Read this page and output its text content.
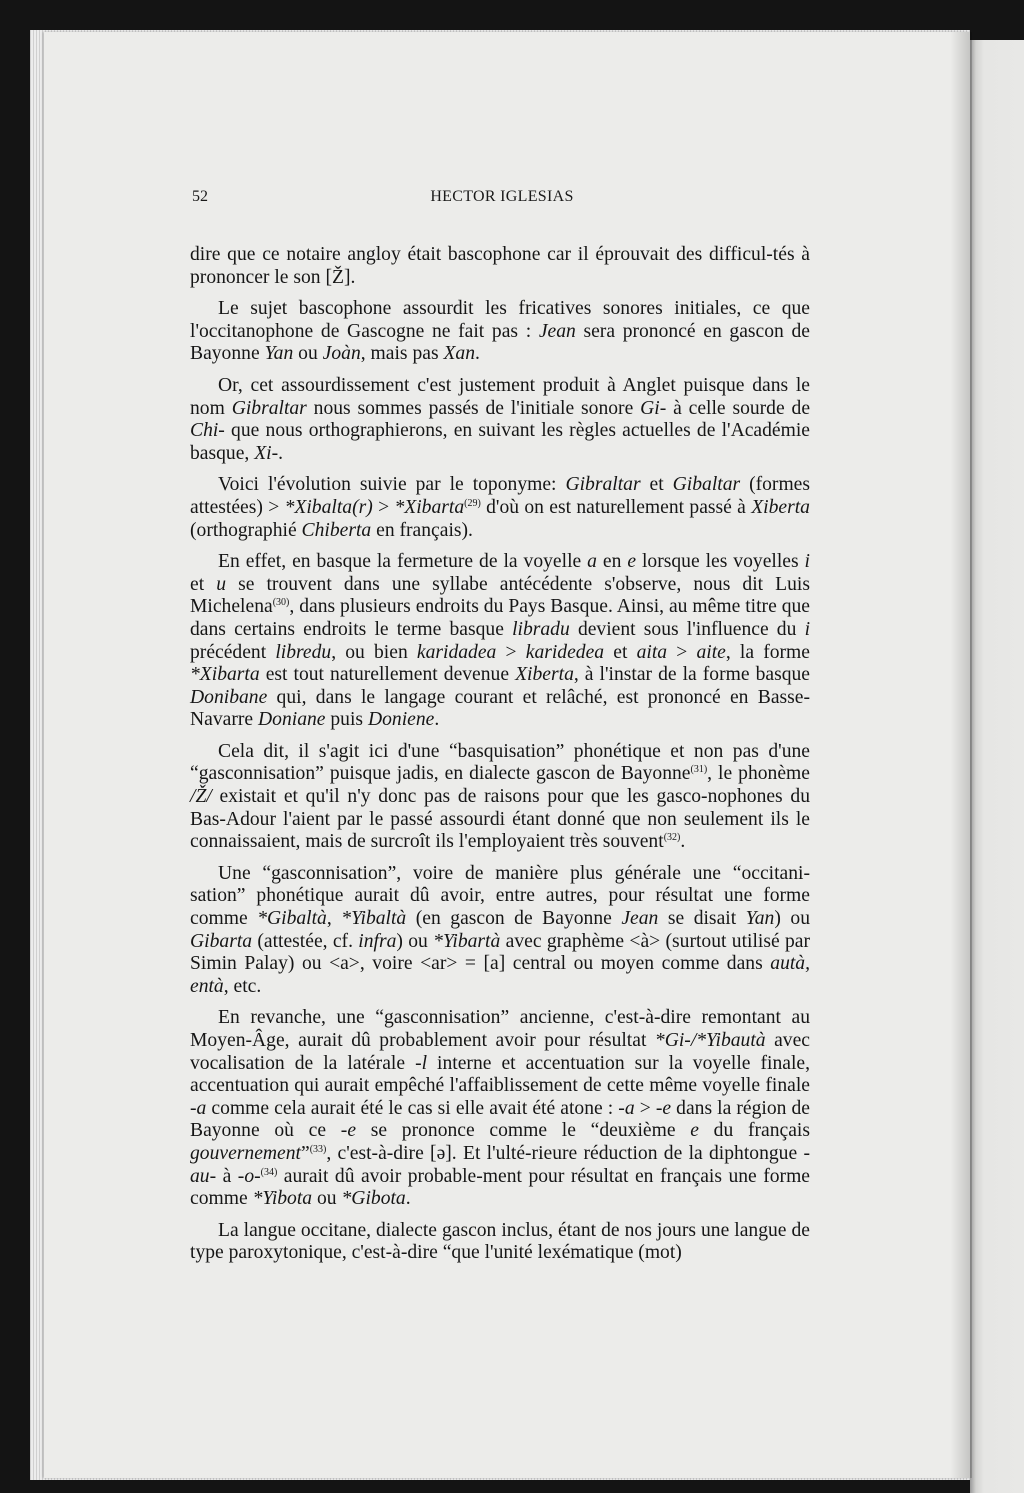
52	HECTOR IGLESIAS

dire que ce notaire angloy était bascophone car il éprouvait des difficul-tés à prononcer le son [Ž].

Le sujet bascophone assourdit les fricatives sonores initiales, ce que l'occitanophone de Gascogne ne fait pas : Jean sera prononcé en gascon de Bayonne Yan ou Joàn, mais pas Xan.

Or, cet assourdissement c'est justement produit à Anglet puisque dans le nom Gibraltar nous sommes passés de l'initiale sonore Gi- à celle sourde de Chi- que nous orthographierons, en suivant les règles actuelles de l'Académie basque, Xi-.

Voici l'évolution suivie par le toponyme: Gibraltar et Gibaltar (formes attestées) > *Xibalta(r) > *Xibarta$^{(29)}$ d'où on est naturellement passé à Xiberta (orthographié Chiberta en français).

En effet, en basque la fermeture de la voyelle a en e lorsque les voyelles i et u se trouvent dans une syllabe antécédente s'observe, nous dit Luis Michelena$^{(30)}$, dans plusieurs endroits du Pays Basque. Ainsi, au même titre que dans certains endroits le terme basque libradu devient sous l'influence du i précédent libredu, ou bien karidadea > karidedea et aita > aite, la forme *Xibarta est tout naturellement devenue Xiberta, à l'instar de la forme basque Donibane qui, dans le langage courant et relâché, est prononcé en Basse-Navarre Doniane puis Doniene.

Cela dit, il s'agit ici d'une “basquisation” phonétique et non pas d'une “gasconnisation” puisque jadis, en dialecte gascon de Bayonne$^{(31)}$, le phonème /Ž/ existait et qu'il n'y donc pas de raisons pour que les gasco-nophones du Bas-Adour l'aient par le passé assourdi étant donné que non seulement ils le connaissaient, mais de surcroît ils l'employaient très souvent$^{(32)}$.

Une “gasconnisation”, voire de manière plus générale une “occitani-sation” phonétique aurait dû avoir, entre autres, pour résultat une forme comme *Gibaltà, *Yibaltà (en gascon de Bayonne Jean se disait Yan) ou Gibarta (attestée, cf. infra) ou *Yibartà avec graphème <à> (surtout utilisé par Simin Palay) ou <a>, voire <ar> = [a] central ou moyen comme dans autà, entà, etc.

En revanche, une “gasconnisation” ancienne, c'est-à-dire remontant au Moyen-Âge, aurait dû probablement avoir pour résultat *Gi-/*Yibautà avec vocalisation de la latérale -l interne et accentuation sur la voyelle finale, accentuation qui aurait empêché l'affaiblissement de cette même voyelle finale -a comme cela aurait été le cas si elle avait été atone : -a > -e dans la région de Bayonne où ce -e se prononce comme le “deuxième e du français gouvernement”$^{(33)}$, c'est-à-dire [ə]. Et l'ulté-rieure réduction de la diphtongue -au- à -o-$^{(34)}$ aurait dû avoir probable-ment pour résultat en français une forme comme *Yibota ou *Gibota.

La langue occitane, dialecte gascon inclus, étant de nos jours une langue de type paroxytonique, c'est-à-dire “que l'unité lexématique (mot)
